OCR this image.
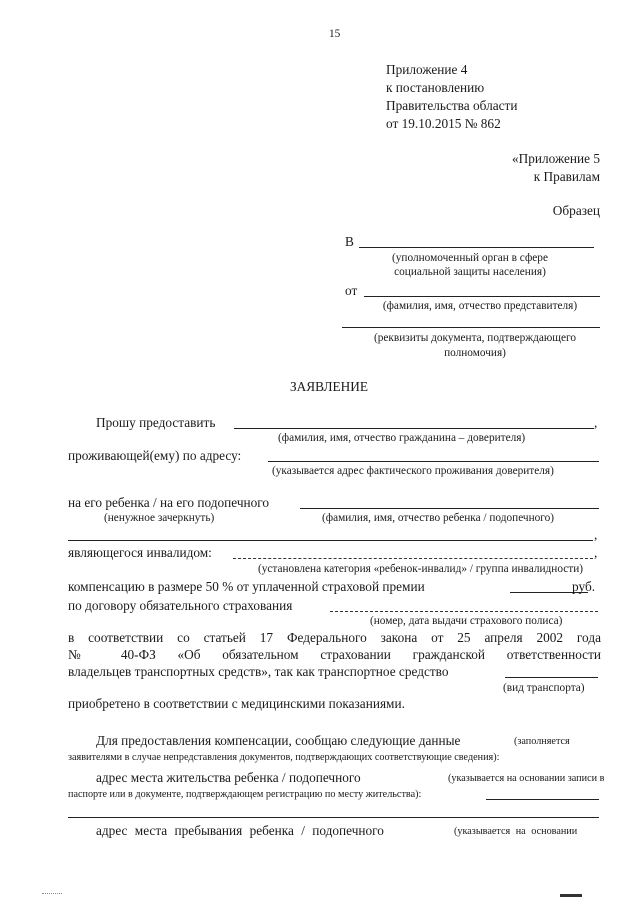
15
Приложение 4
к постановлению
Правительства области
от 19.10.2015 № 862
«Приложение 5
к Правилам
Образец
В
(уполномоченный орган в сфере
социальной защиты населения)
от
(фамилия, имя, отчество представителя)
(реквизиты документа, подтверждающего
полномочия)
ЗАЯВЛЕНИЕ
Прошу предоставить	,
(фамилия, имя, отчество гражданина – доверителя)
проживающей(ему) по адресу:
(указывается адрес фактического проживания доверителя)
на его ребенка / на его подопечного
(ненужное зачеркнуть)	(фамилия, имя, отчество ребенка / подопечного)
,
являющегося инвалидом:	,
(установлена категория «ребенок-инвалид» / группа инвалидности)
компенсацию в размере 50 % от уплаченной страховой премии	руб.
по договору обязательного страхования
(номер, дата выдачи страхового полиса)
в соответствии со статьей 17 Федерального закона от 25 апреля 2002 года
№ 40-ФЗ «Об обязательном страховании гражданской ответственности
владельцев транспортных средств», так как транспортное средство
(вид транспорта)
приобретено в соответствии с медицинскими показаниями.
Для предоставления компенсации, сообщаю следующие данные	(заполняется
заявителями в случае непредставления документов, подтверждающих соответствующие сведения):
адрес места жительства ребенка / подопечного	(указывается на основании записи в
паспорте или в документе, подтверждающем регистрацию по месту жительства):
адрес места пребывания ребенка / подопечного	(указывается на основании
